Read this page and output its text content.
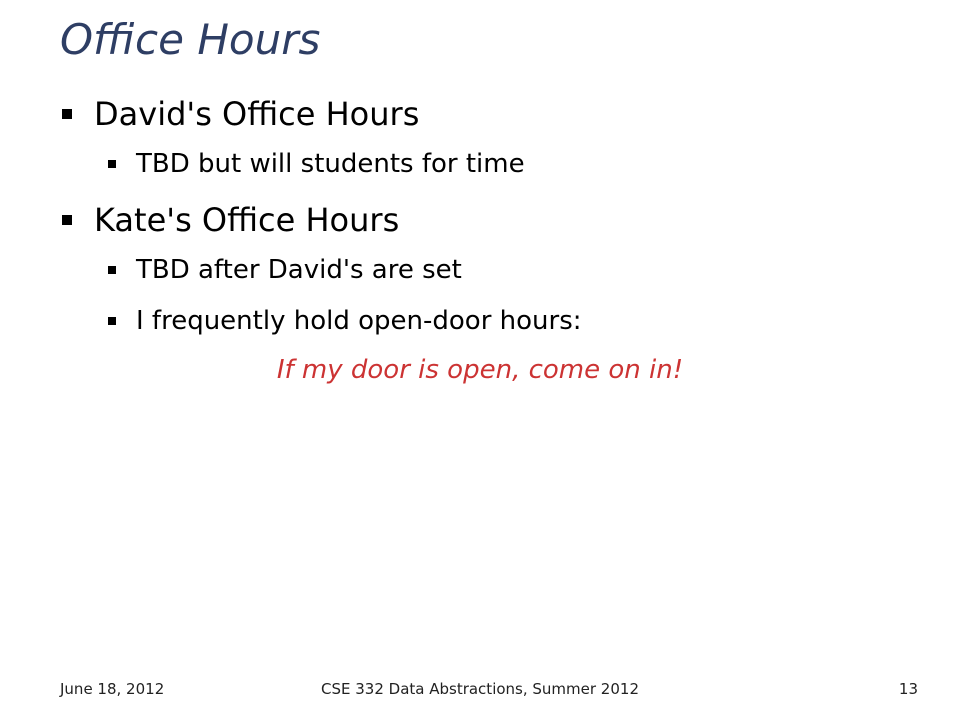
Office Hours
David's Office Hours
TBD but will students for time
Kate's Office Hours
TBD after David's are set
I frequently hold open-door hours:
If my door is open, come on in!
June 18, 2012	CSE 332 Data Abstractions, Summer 2012	13
